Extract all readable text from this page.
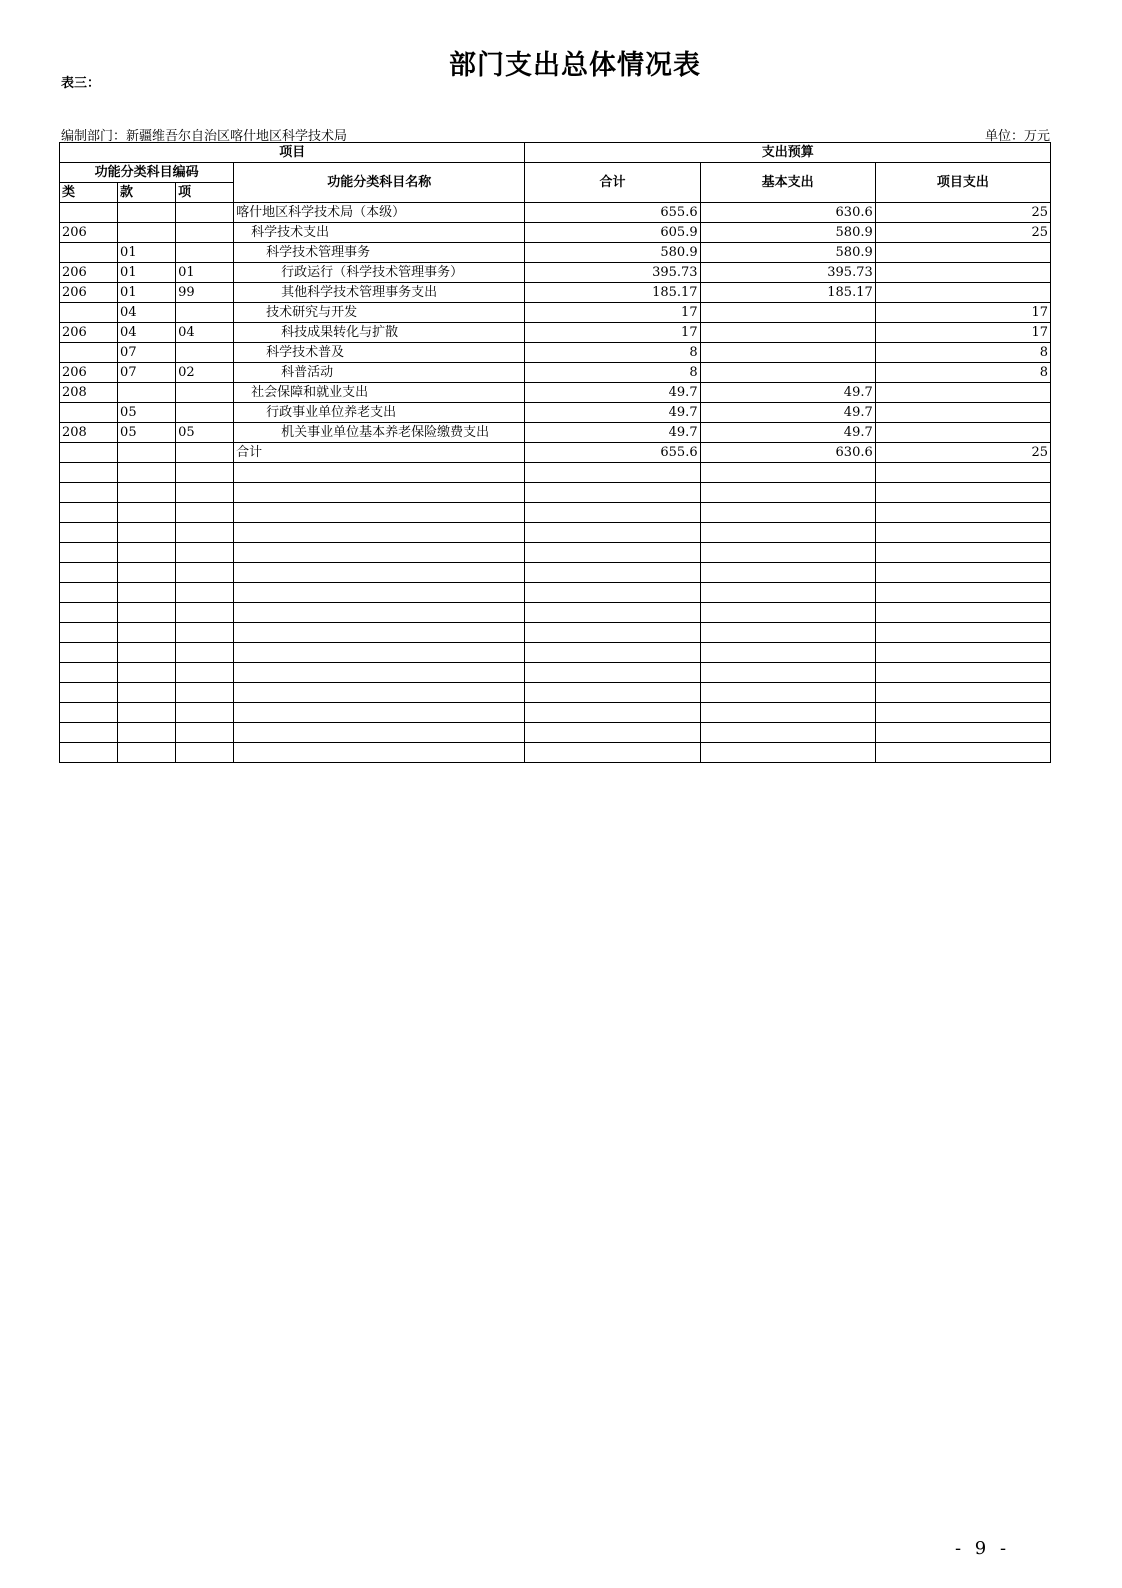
部门支出总体情况表
表三：
编制部门：新疆维吾尔自治区喀什地区科学技术局	单位：万元
项目				支出预算		
功能分类科目编码			功能分类科目名称	合计	基本支出	项目支出
类	款	项				
			喀什地区科学技术局（本级）	655.6	630.6	25
206			科学技术支出	605.9	580.9	25
	01		科学技术管理事务	580.9	580.9	
206	01	01	行政运行（科学技术管理事务）	395.73	395.73	
206	01	99	其他科学技术管理事务支出	185.17	185.17	
	04		技术研究与开发	17		17
206	04	04	科技成果转化与扩散	17		17
	07		科学技术普及	8		8
206	07	02	科普活动	8		8
208			社会保障和就业支出	49.7	49.7	
	05		行政事业单位养老支出	49.7	49.7	
208	05	05	机关事业单位基本养老保险缴费支出	49.7	49.7	
			合计	655.6	630.6	25

- 9 -
